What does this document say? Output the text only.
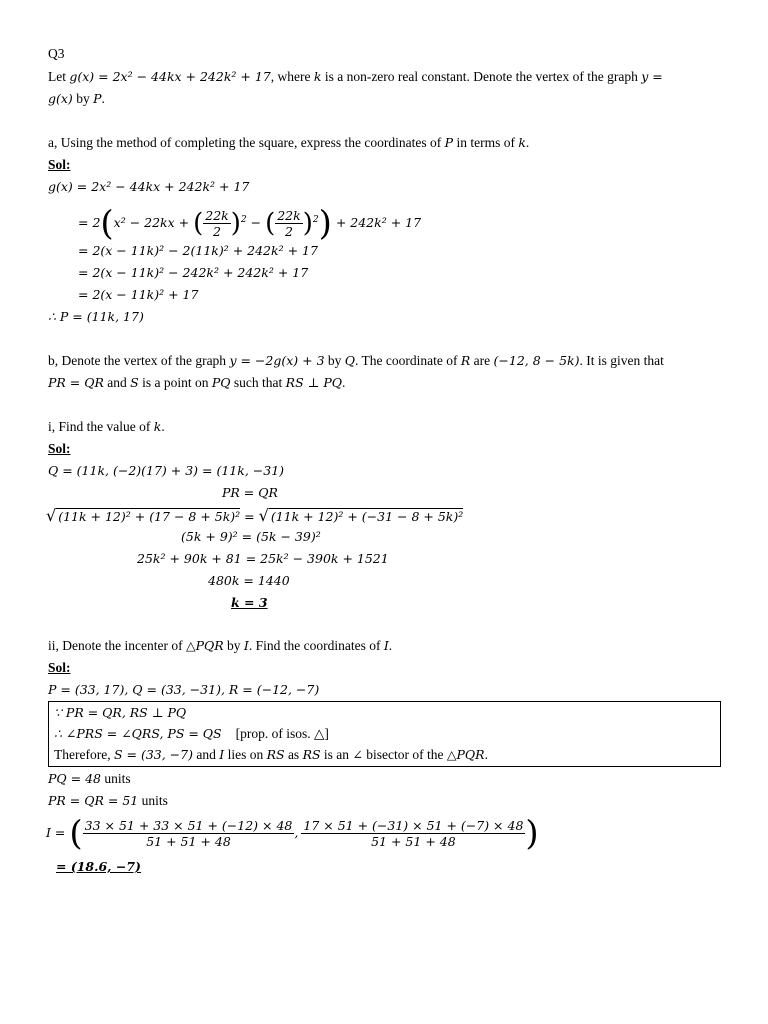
Q3
Let g(x) = 2x² − 44kx + 242k² + 17, where k is a non-zero real constant. Denote the vertex of the graph y =
g(x) by P.
a, Using the method of completing the square, express the coordinates of P in terms of k.
Sol:
g(x) = 2x² − 44kx + 242k² + 17
= 2(x² − 22kx + ( $\frac{22k}{2} )^2$ − ( $\frac{22k}{2} )^2) + 242k^2 + 17$
= 2(x − 11k)² − 2(11k)² + 242k² + 17
= 2(x − 11k)² − 242k² + 242k² + 17
= 2(x − 11k)² + 17
∴ P = (11k, 17)
b, Denote the vertex of the graph y = −2g(x) + 3 by Q. The coordinate of R are (−12, 8 − 5k). It is given that
PR = QR and S is a point on PQ such that RS ⊥ PQ.
i, Find the value of k.
Sol:
Q = (11k, (−2)(17) + 3) = (11k, −31)
PR = QR
√ (11k + 12)² + (17 − 8 + 5k)² = √ (11k + 12)² + (−31 − 8 + 5k)²
(5k + 9)² = (5k − 39)²
25k² + 90k + 81 = 25k² − 390k + 1521
480k = 1440
k = 3
ii, Denote the incenter of △PQR by I. Find the coordinates of I.
Sol:
P = (33, 17), Q = (33, −31), R = (−12, −7)
∵ PR = QR, RS ⊥ PQ
∴ ∠PRS = ∠QRS, PS = QS [prop. of isos. △]
Therefore, S = (33, −7) and I lies on RS as RS is an ∠ bisector of the △PQR.
PQ = 48 units
PR = QR = 51 units
I = ( $\frac{33 \times 51 + 33 \times 51 + (-12) \times 48}{51 + 51 + 48}$ , $\frac{17 \times 51 + (-31) \times 51 + (-7) \times 48}{51 + 51 + 48}$ )
= (18.6, −7)
